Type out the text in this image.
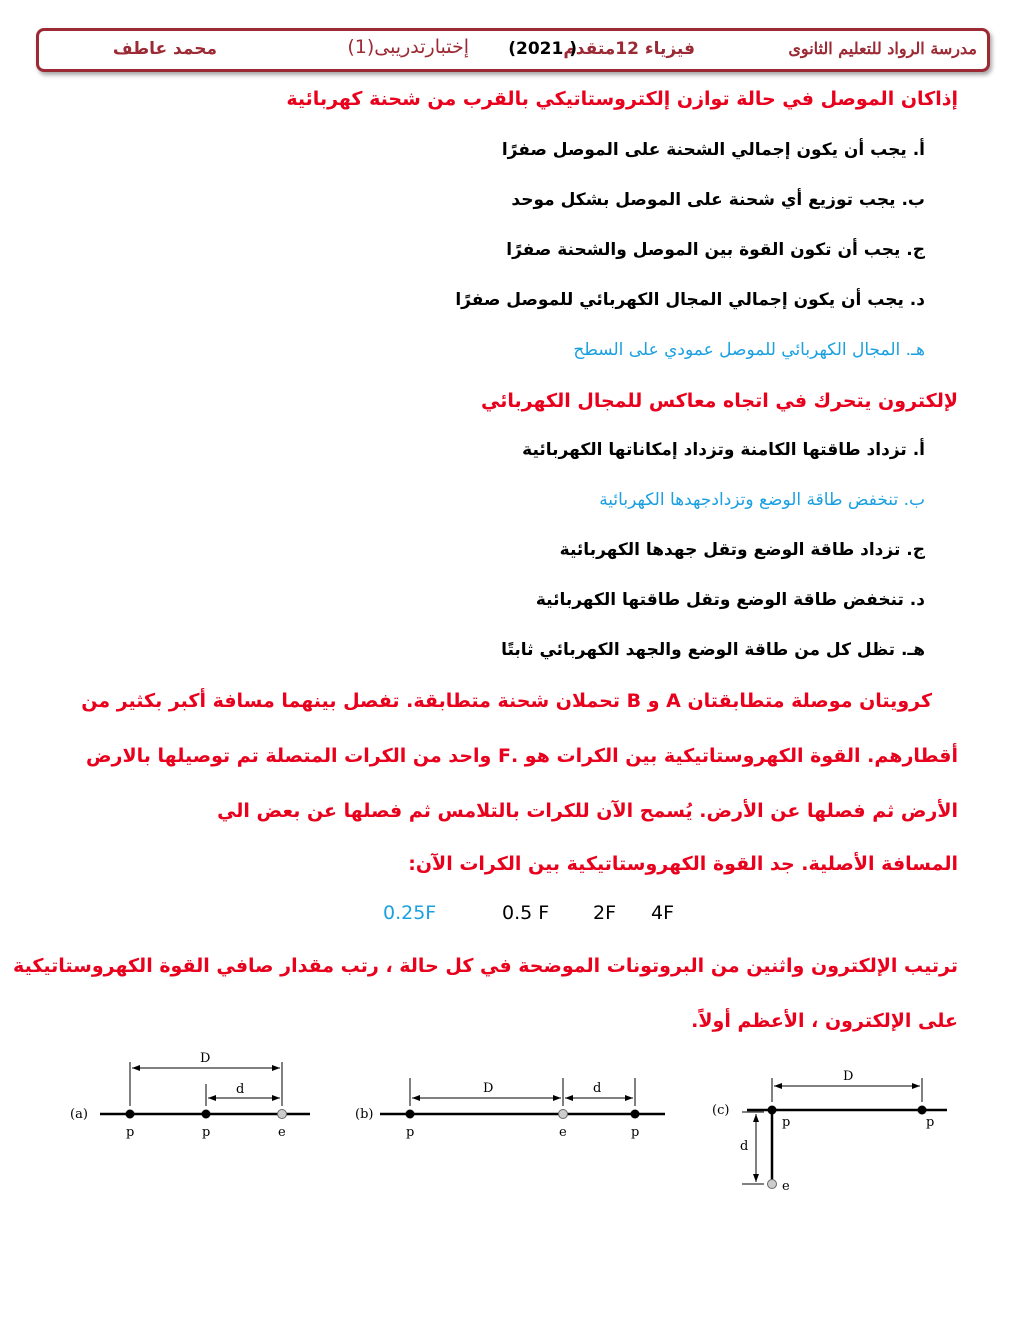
مدرسة الرواد للتعليم الثانوى
فيزياء 12متقدم
(2021 )
إختبارتدريبى(1)
محمد عاطف
إذاكان الموصل في حالة توازن إلكتروستاتيكي بالقرب من شحنة كهربائية
أ. يجب أن يكون إجمالي الشحنة على الموصل صفرًا
ب. يجب توزيع أي شحنة على الموصل بشكل موحد
ج. يجب أن تكون القوة بين الموصل والشحنة صفرًا
د. يجب أن يكون إجمالي المجال الكهربائي للموصل صفرًا
هـ. المجال الكهربائي للموصل عمودي على السطح
لإلكترون يتحرك في اتجاه معاكس للمجال الكهربائي
أ. تزداد طاقتها الكامنة وتزداد إمكاناتها الكهربائية
ب. تنخفض طاقة الوضع وتزدادجهدها الكهربائية
ج. تزداد طاقة الوضع وتقل جهدها الكهربائية
د. تنخفض طاقة الوضع وتقل طاقتها الكهربائية
هـ. تظل كل من طاقة الوضع والجهد الكهربائي ثابتًا
كرويتان موصلة متطابقتان A و B تحملان شحنة متطابقة. تفصل بينهما مسافة أكبر بكثير من
أقطارهم. القوة الكهروستاتيكية بين الكرات هو .F واحد من الكرات المتصلة تم توصيلها بالارض
الأرض ثم فصلها عن الأرض. يُسمح الآن للكرات بالتلامس ثم فصلها عن بعض الي
المسافة الأصلية. جد القوة الكهروستاتيكية بين الكرات الآن:
0.25F	0.5 F 2F 4F
ترتيب الإلكترون واثنين من البروتونات الموضحة في كل حالة ، رتب مقدار صافي القوة الكهروستاتيكية
على الإلكترون ، الأعظم أولاً.
(a)
D
d
p	p	e
(b)
D	d
p	e	p
(c)
D
d
p	p
e
